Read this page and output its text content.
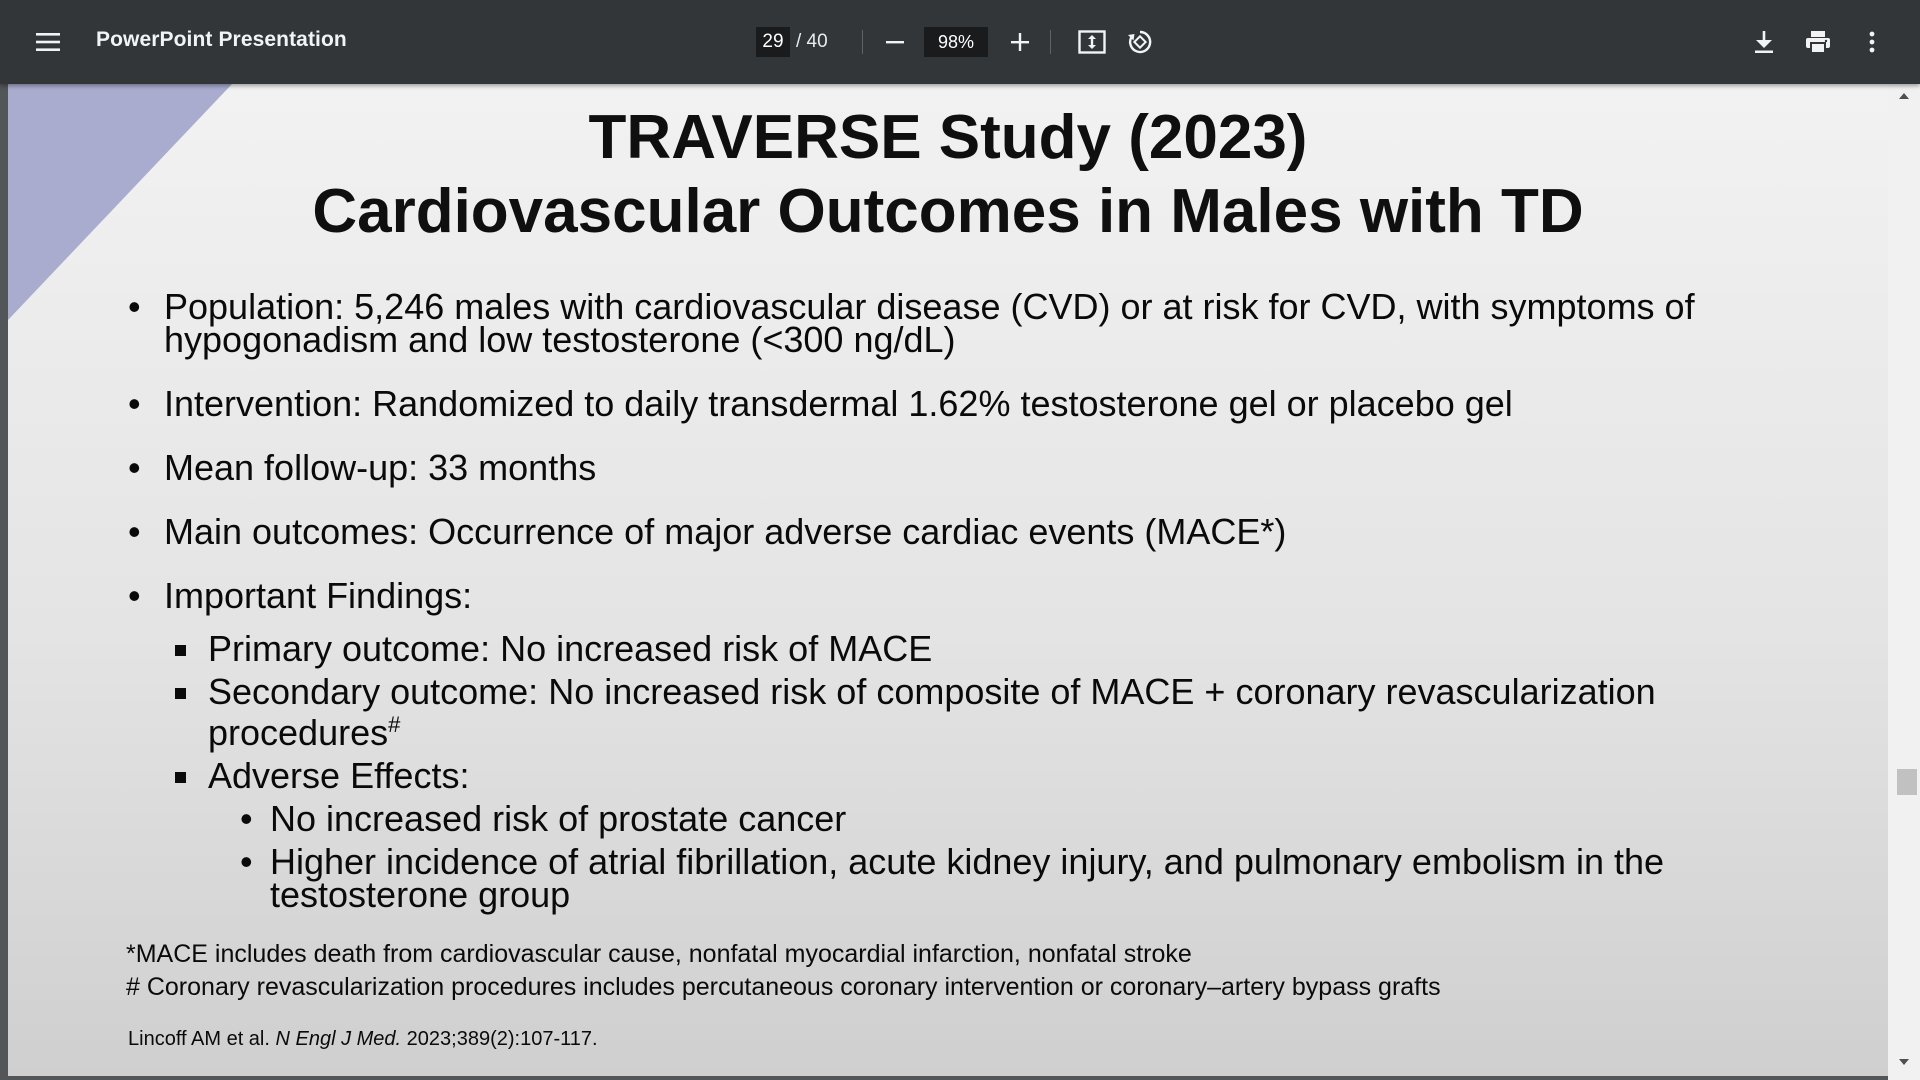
PowerPoint Presentation	29 / 40	98%
TRAVERSE Study (2023)
Cardiovascular Outcomes in Males with TD
• Population: 5,246 males with cardiovascular disease (CVD) or at risk for CVD, with symptoms of hypogonadism and low testosterone (<300 ng/dL)
• Intervention: Randomized to daily transdermal 1.62% testosterone gel or placebo gel
• Mean follow-up: 33 months
• Main outcomes: Occurrence of major adverse cardiac events (MACE*)
• Important Findings:
Primary outcome: No increased risk of MACE
Secondary outcome: No increased risk of composite of MACE + coronary revascularization procedures#
Adverse Effects:
• No increased risk of prostate cancer
• Higher incidence of atrial fibrillation, acute kidney injury, and pulmonary embolism in the testosterone group
*MACE includes death from cardiovascular cause, nonfatal myocardial infarction, nonfatal stroke
# Coronary revascularization procedures includes percutaneous coronary intervention or coronary–artery bypass grafts
Lincoff AM et al. N Engl J Med. 2023;389(2):107-117.
